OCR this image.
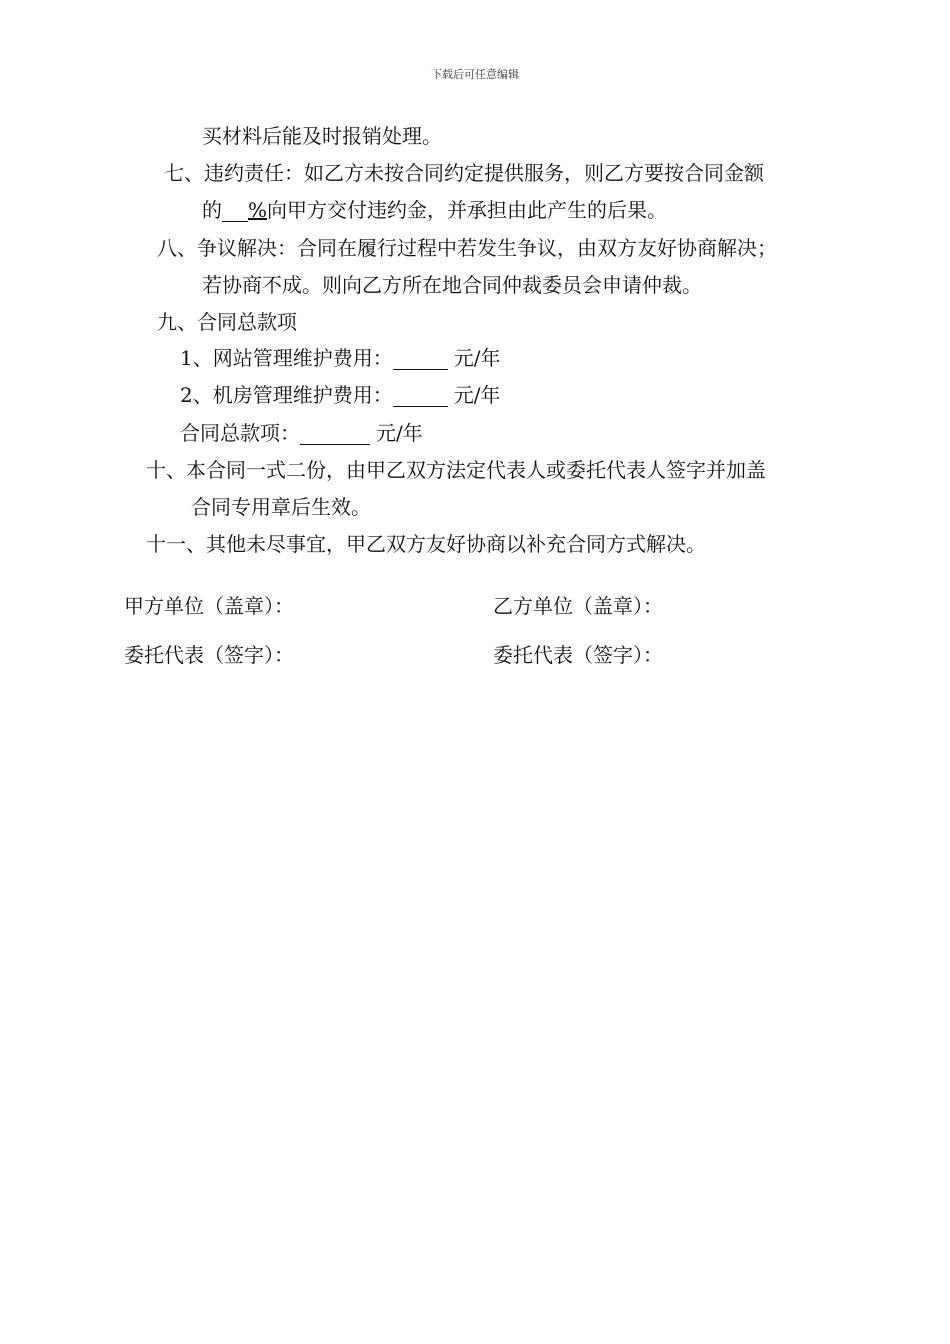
下载后可任意编辑
买材料后能及时报销处理。
七、违约责任：如乙方未按合同约定提供服务，则乙方要按合同金额
的 %向甲方交付违约金，并承担由此产生的后果。
八、争议解决：合同在履行过程中若发生争议，由双方友好协商解决；
若协商不成。则向乙方所在地合同仲裁委员会申请仲裁。
九、合同总款项
1、网站管理维护费用：	元/年
2、机房管理维护费用：	元/年
合同总款项：	元/年
十、本合同一式二份，由甲乙双方法定代表人或委托代表人签字并加盖
合同专用章后生效。
十一、其他未尽事宜，甲乙双方友好协商以补充合同方式解决。
甲方单位（盖章）：	乙方单位（盖章）：
委托代表（签字）：	委托代表（签字）：
